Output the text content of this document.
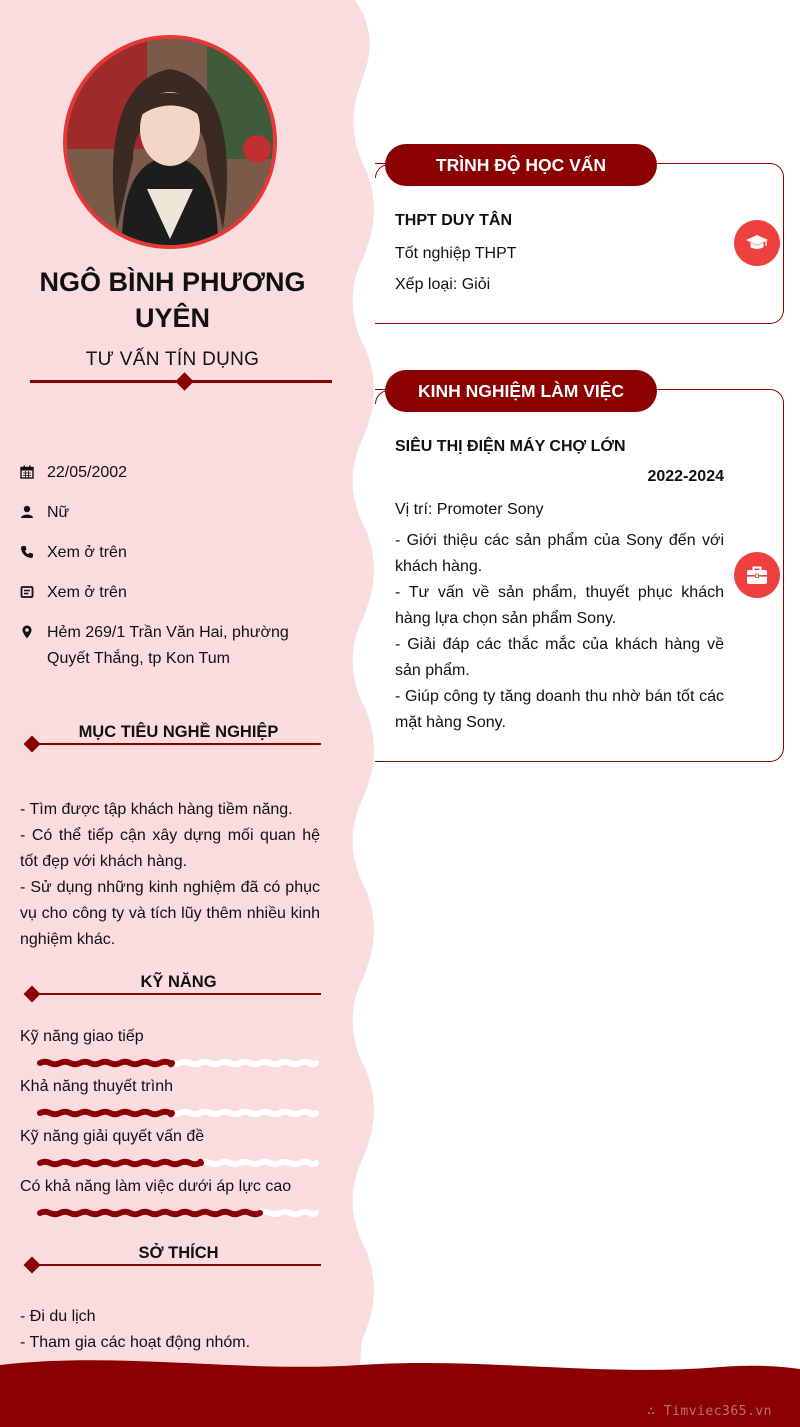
NGÔ BÌNH PHƯƠNG UYÊN
TƯ VẤN TÍN DỤNG
22/05/2002
Nữ
Xem ở trên
Xem ở trên
Hẻm 269/1 Trần Văn Hai, phường Quyết Thắng, tp Kon Tum
MỤC TIÊU NGHỀ NGHIỆP
- Tìm được tập khách hàng tiềm năng.
- Có thể tiếp cận xây dựng mối quan hệ tốt đẹp với khách hàng.
- Sử dụng những kinh nghiệm đã có phục vụ cho công ty và tích lũy thêm nhiều kinh nghiệm khác.
KỸ NĂNG
Kỹ năng giao tiếp
Khả năng thuyết trình
Kỹ năng giải quyết vấn đề
Có khả năng làm việc dưới áp lực cao
SỞ THÍCH
- Đi du lịch
- Tham gia các hoạt động nhóm.
TRÌNH ĐỘ HỌC VẤN
THPT DUY TÂN
Tốt nghiệp THPT
Xếp loại: Giỏi
KINH NGHIỆM LÀM VIỆC
SIÊU THỊ ĐIỆN MÁY CHỢ LỚN
2022-2024
Vị trí: Promoter Sony
- Giới thiệu các sản phẩm của Sony đến với khách hàng.
- Tư vấn về sản phẩm, thuyết phục khách hàng lựa chọn sản phẩm Sony.
- Giải đáp các thắc mắc của khách hàng về sản phẩm.
- Giúp công ty tăng doanh thu nhờ bán tốt các mặt hàng Sony.
∴ Timviec365.vn
